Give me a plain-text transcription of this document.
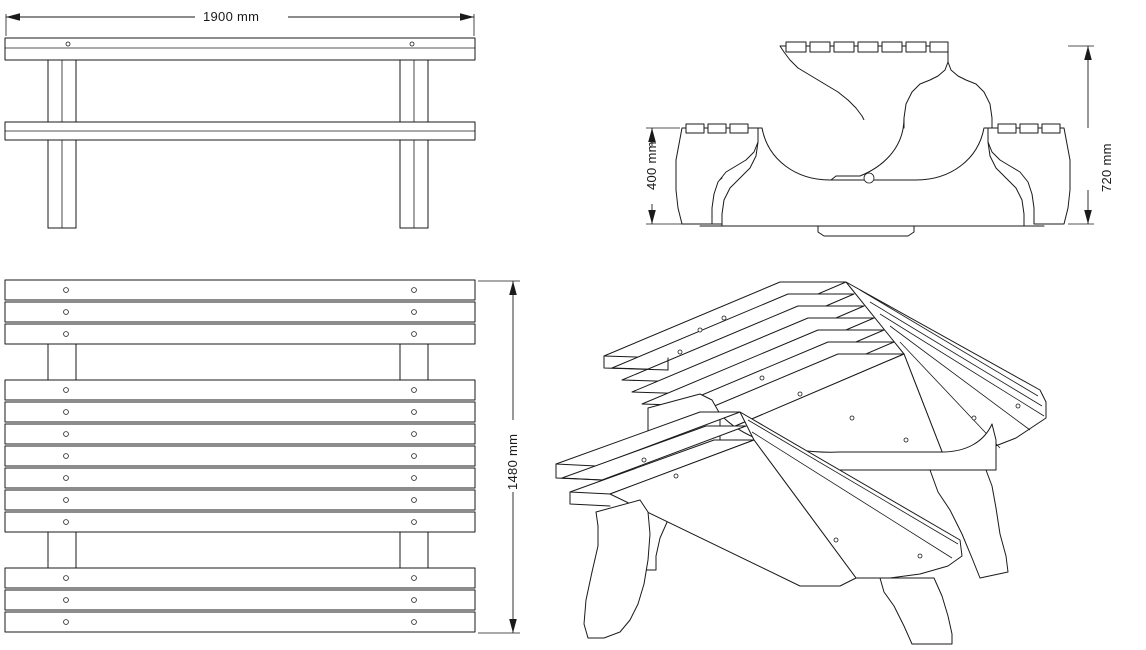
1900 mm
400 mm	720 mm
1480 mm
